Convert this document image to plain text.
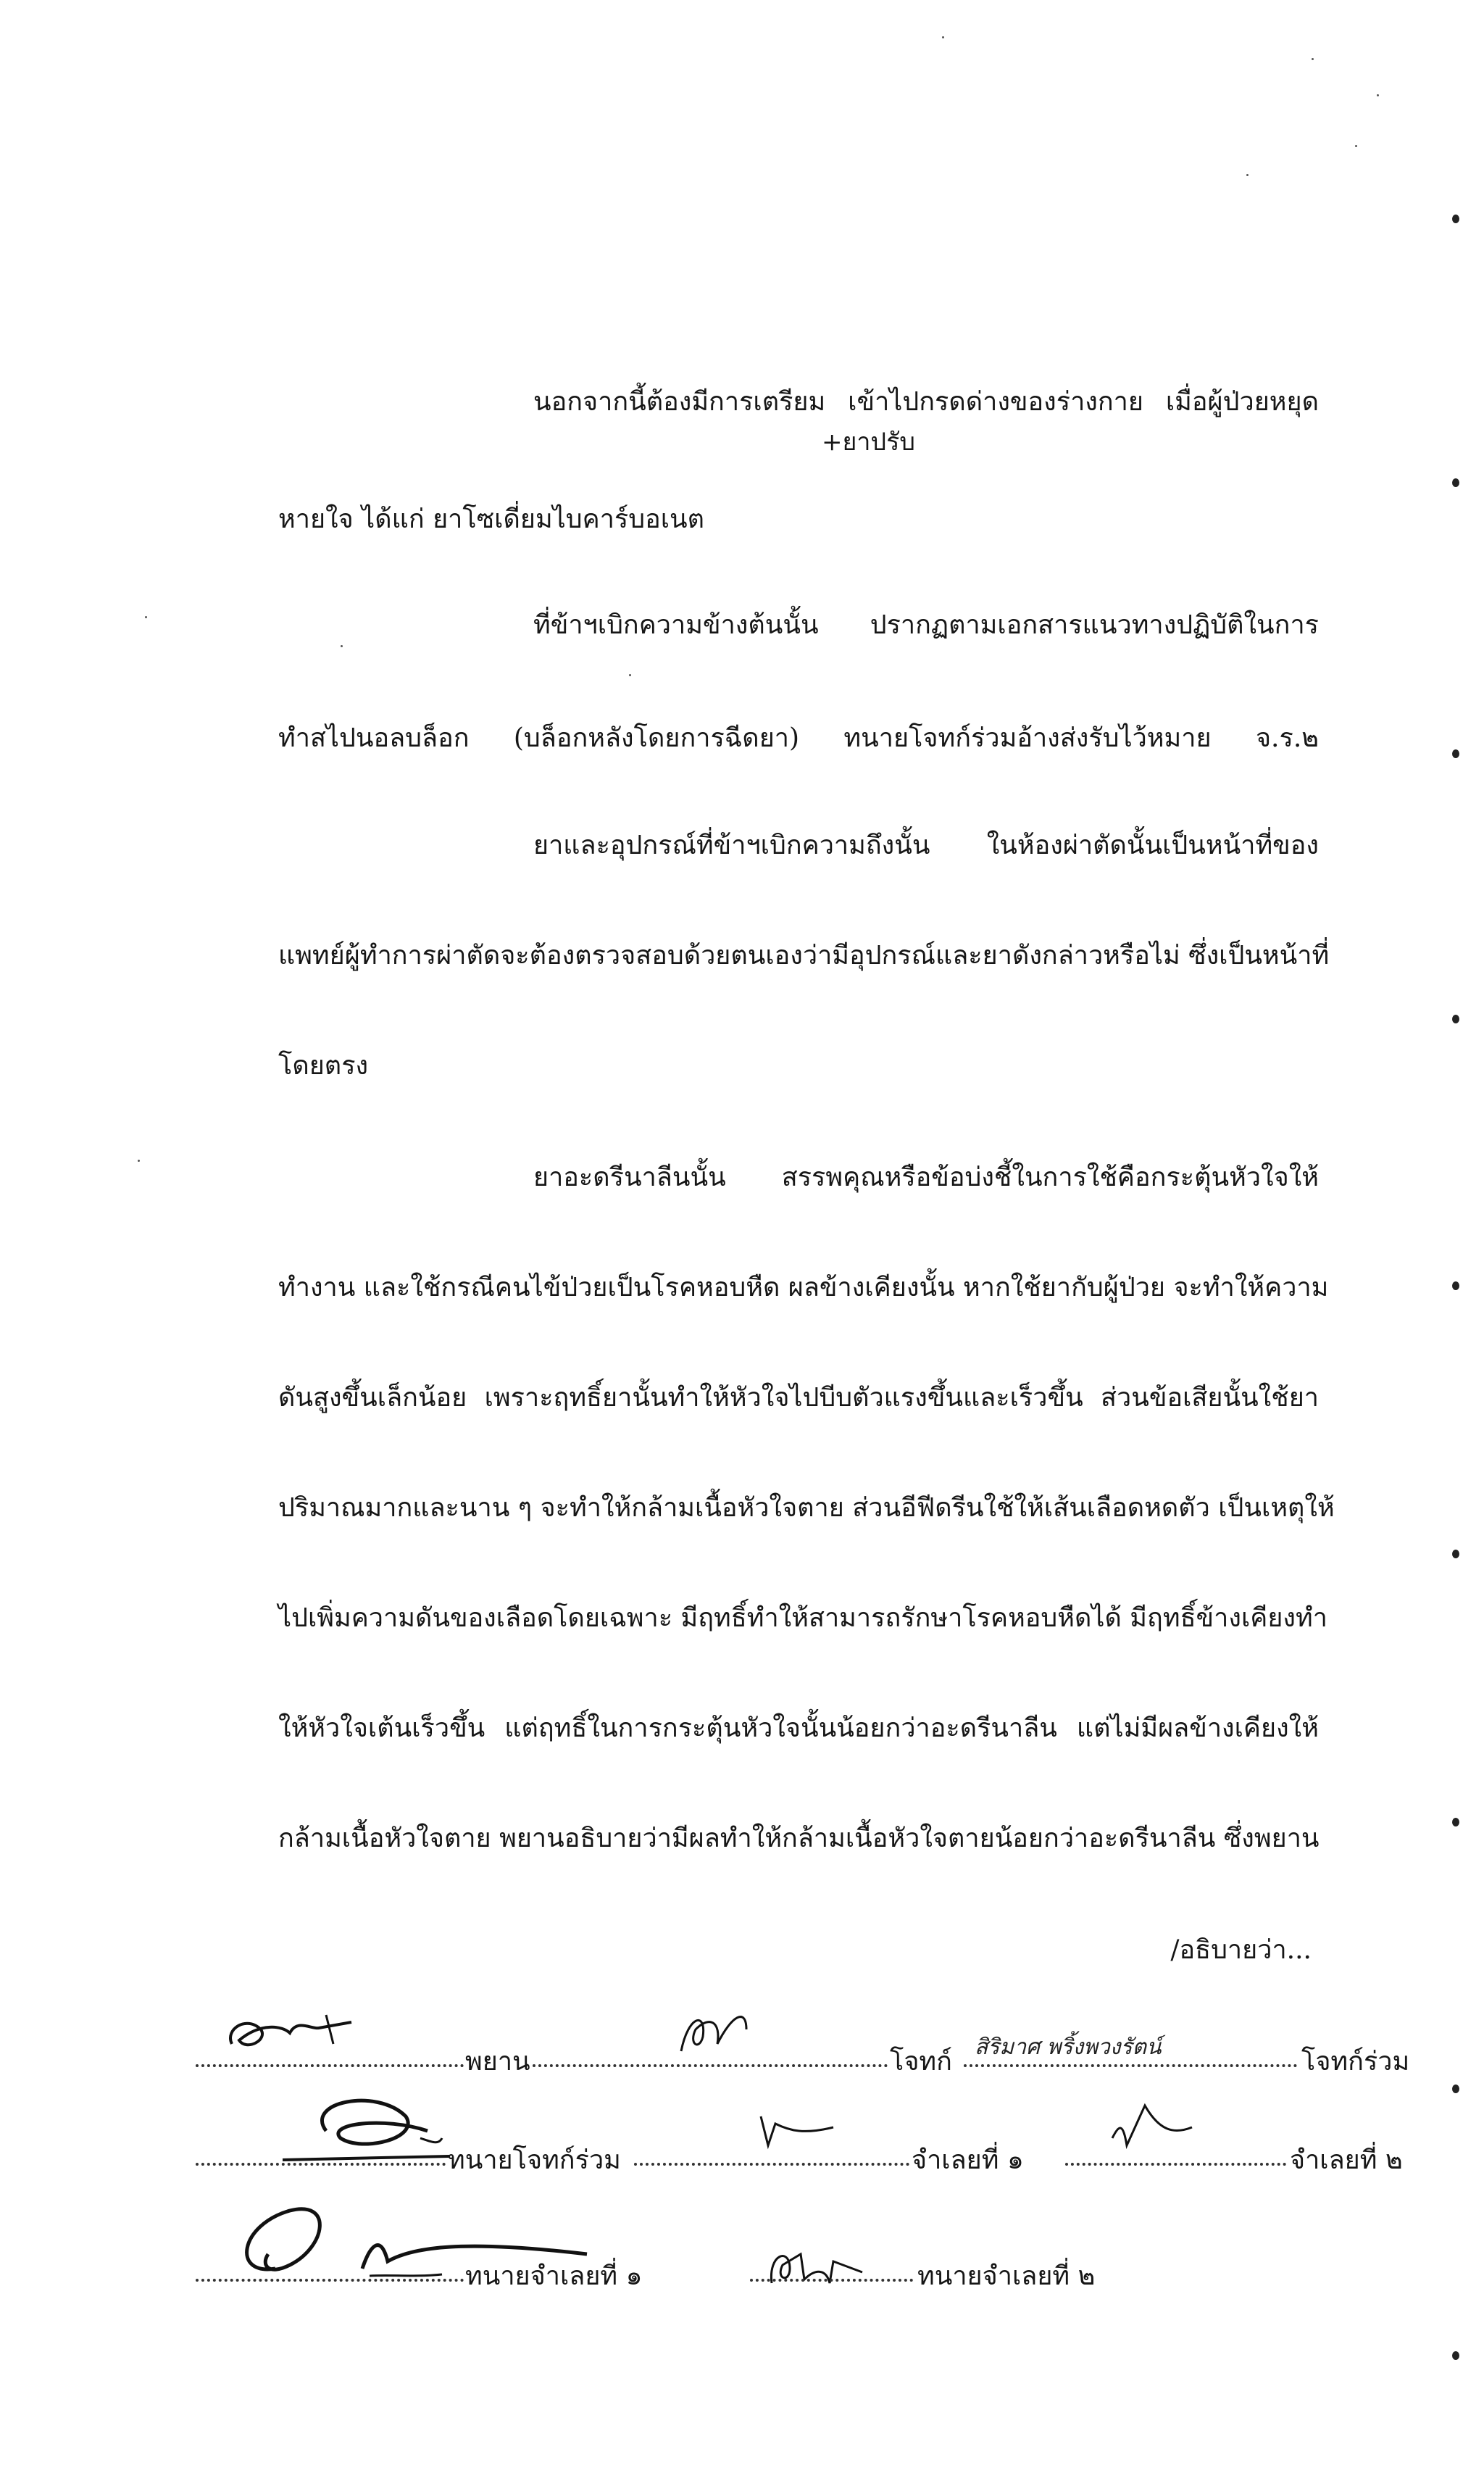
นอกจากนี้ต้องมีการเตรียม เข้าไปกรดด่างของร่างกาย เมื่อผู้ป่วยหยุด
+ยาปรับ
หายใจ ได้แก่ ยาโซเดี่ยมไบคาร์บอเนต
ที่ข้าฯเบิกความข้างต้นนั้น ปรากฏตามเอกสารแนวทางปฏิบัติในการ
ทำสไปนอลบล็อก (บล็อกหลังโดยการฉีดยา) ทนายโจทก์ร่วมอ้างส่งรับไว้หมาย จ.ร.๒
ยาและอุปกรณ์ที่ข้าฯเบิกความถึงนั้น ในห้องผ่าตัดนั้นเป็นหน้าที่ของ
แพทย์ผู้ทำการผ่าตัดจะต้องตรวจสอบด้วยตนเองว่ามีอุปกรณ์และยาดังกล่าวหรือไม่ ซึ่งเป็นหน้าที่
โดยตรง
ยาอะดรีนาลีนนั้น สรรพคุณหรือข้อบ่งชี้ในการใช้คือกระตุ้นหัวใจให้
ทำงาน และใช้กรณีคนไข้ป่วยเป็นโรคหอบหืด ผลข้างเคียงนั้น หากใช้ยากับผู้ป่วย จะทำให้ความ
ดันสูงขึ้นเล็กน้อย เพราะฤทธิ์ยานั้นทำให้หัวใจไปบีบตัวแรงขึ้นและเร็วขึ้น ส่วนข้อเสียนั้นใช้ยา
ปริมาณมากและนาน ๆ จะทำให้กล้ามเนื้อหัวใจตาย ส่วนอีฟีดรีนใช้ให้เส้นเลือดหดตัว เป็นเหตุให้
ไปเพิ่มความดันของเลือดโดยเฉพาะ มีฤทธิ์ทำให้สามารถรักษาโรคหอบหืดได้ มีฤทธิ์ข้างเคียงทำ
ให้หัวใจเต้นเร็วขึ้น แต่ฤทธิ์ในการกระตุ้นหัวใจนั้นน้อยกว่าอะดรีนาลีน แต่ไม่มีผลข้างเคียงให้
กล้ามเนื้อหัวใจตาย พยานอธิบายว่ามีผลทำให้กล้ามเนื้อหัวใจตายน้อยกว่าอะดรีนาลีน ซึ่งพยาน
/อธิบายว่า...
พยาน	โจทก์ สิริมาศ พริ้งพวงรัตน์	โจทก์ร่วม
ทนายโจทก์ร่วม	จำเลยที่ ๑	จำเลยที่ ๒
ทนายจำเลยที่ ๑	ทนายจำเลยที่ ๒
